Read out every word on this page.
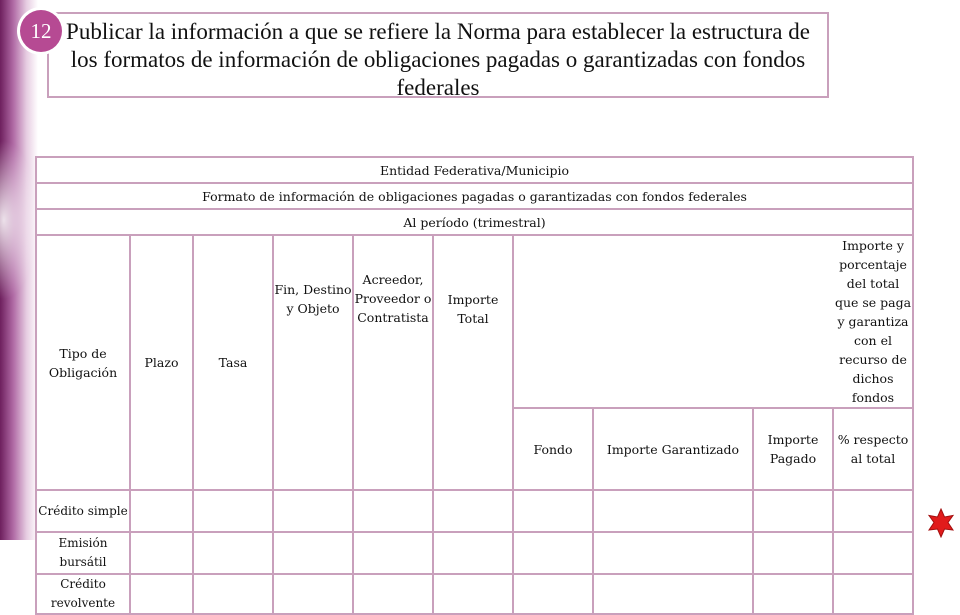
12 Publicar la información a que se refiere la Norma para establecer la estructura de los formatos de información de obligaciones pagadas o garantizadas con fondos federales
Entidad Federativa/Municipio									
Formato de información de obligaciones pagadas o garantizadas con fondos federales									
Al período (trimestral)									
Tipo de Obligación	Plazo	Tasa	Fin, Destino y Objeto	Acreedor, Proveedor o Contratista	Importe Total	Importe y porcentaje del total que se paga y garantiza con el recurso de dichos fondos			
						Fondo	Importe Garantizado	Importe Pagado	% respecto al total
Crédito simple									
Emisión bursátil									
Crédito revolvente									
